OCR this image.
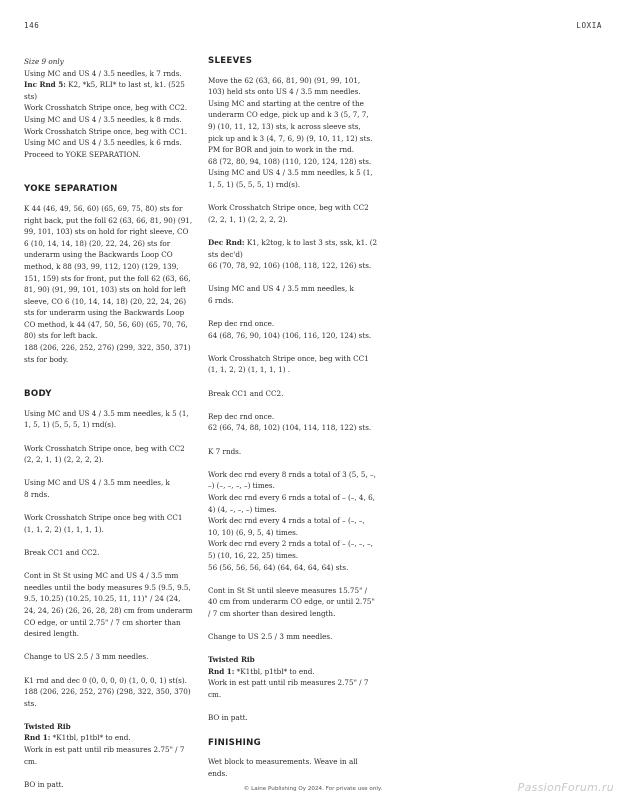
146	LOXIA

Size 9 only

Using MC and US 4 / 3.5 needles, k 7 rnds.

Inc Rnd 5: K2, *k5, RLI* to last st, k1. (525 sts)

Work Crosshatch Stripe once, beg with CC2.
Using MC and US 4 / 3.5 needles, k 8 rnds.
Work Crosshatch Stripe once, beg with CC1.
Using MC and US 4 / 3.5 needles, k 6 rnds.
Proceed to YOKE SEPARATION.

YOKE SEPARATION

K 44 (46, 49, 56, 60) (65, 69, 75, 80) sts for right back, put the foll 62 (63, 66, 81, 90) (91, 99, 101, 103) sts on hold for right sleeve, CO 6 (10, 14, 14, 18) (20, 22, 24, 26) sts for underarm using the Backwards Loop CO method, k 88 (93, 99, 112, 120) (129, 139, 151, 159) sts for front, put the foll 62 (63, 66, 81, 90) (91, 99, 101, 103) sts on hold for left sleeve, CO 6 (10, 14, 14, 18) (20, 22, 24, 26) sts for underarm using the Backwards Loop CO method, k 44 (47, 50, 56, 60) (65, 70, 76, 80) sts for left back.
188 (206, 226, 252, 276) (299, 322, 350, 371) sts for body.

BODY

Using MC and US 4 / 3.5 mm needles, k 5 (1, 1, 5, 1) (5, 5, 5, 1) rnd(s).

Work Crosshatch Stripe once, beg with CC2 (2, 2, 1, 1) (2, 2, 2, 2).

Using MC and US 4 / 3.5 mm needles, k
8 rnds.

Work Crosshatch Stripe once beg with CC1 (1, 1, 2, 2) (1, 1, 1, 1).

Break CC1 and CC2.

Cont in St St using MC and US 4 / 3.5 mm needles until the body measures 9.5 (9.5, 9.5, 9.5, 10.25) (10.25, 10.25, 11, 11)" / 24 (24, 24, 24, 26) (26, 26, 28, 28) cm from underarm CO edge, or until 2.75" / 7 cm shorter than desired length.

Change to US 2.5 / 3 mm needles.

K1 rnd and dec 0 (0, 0, 0, 0) (1, 0, 0, 1) st(s).
188 (206, 226, 252, 276) (298, 322, 350, 370) sts.

Twisted Rib

Rnd 1: *K1tbl, p1tbl* to end.

Work in est patt until rib measures 2.75" / 7 cm.

BO in patt.

SLEEVES

Move the 62 (63, 66, 81, 90) (91, 99, 101, 103) held sts onto US 4 / 3.5 mm needles. Using MC and starting at the centre of the underarm CO edge, pick up and k 3 (5, 7, 7, 9) (10, 11, 12, 13) sts, k across sleeve sts, pick up and k 3 (4, 7, 6, 9) (9, 10, 11, 12) sts. PM for BOR and join to work in the rnd.
68 (72, 80, 94, 108) (110, 120, 124, 128) sts.
Using MC and US 4 / 3.5 mm needles, k 5 (1, 1, 5, 1) (5, 5, 5, 1) rnd(s).

Work Crosshatch Stripe once, beg with CC2 (2, 2, 1, 1) (2, 2, 2, 2).

Dec Rnd: K1, k2tog, k to last 3 sts, ssk, k1. (2 sts dec'd)
66 (70, 78, 92, 106) (108, 118, 122, 126) sts.

Using MC and US 4 / 3.5 mm needles, k
6 rnds.

Rep dec rnd once.
64 (68, 76, 90, 104) (106, 116, 120, 124) sts.

Work Crosshatch Stripe once, beg with CC1 (1, 1, 2, 2) (1, 1, 1, 1) .

Break CC1 and CC2.

Rep dec rnd once.
62 (66, 74, 88, 102) (104, 114, 118, 122) sts.

K 7 rnds.

Work dec rnd every 8 rnds a total of 3 (5, 5, –, –) (–, –, –, –) times.
Work dec rnd every 6 rnds a total of – (–, 4, 6, 4) (4, –, –, –) times.
Work dec rnd every 4 rnds a total of – (–, –, 10, 10) (6, 9, 5, 4) times.
Work dec rnd every 2 rnds a total of – (–, –, –, 5) (10, 16, 22, 25) times.
56 (56, 56, 56, 64) (64, 64, 64, 64) sts.

Cont in St St until sleeve measures 15.75" / 40 cm from underarm CO edge, or until 2.75" / 7 cm shorter than desired length.

Change to US 2.5 / 3 mm needles.

Twisted Rib

Rnd 1: *K1tbl, p1tbl* to end.

Work in est patt until rib measures 2.75" / 7 cm.

BO in patt.

FINISHING

Wet block to measurements. Weave in all ends.

© Laine Publishing Oy 2024. For private use only.	PassionForum.ru
